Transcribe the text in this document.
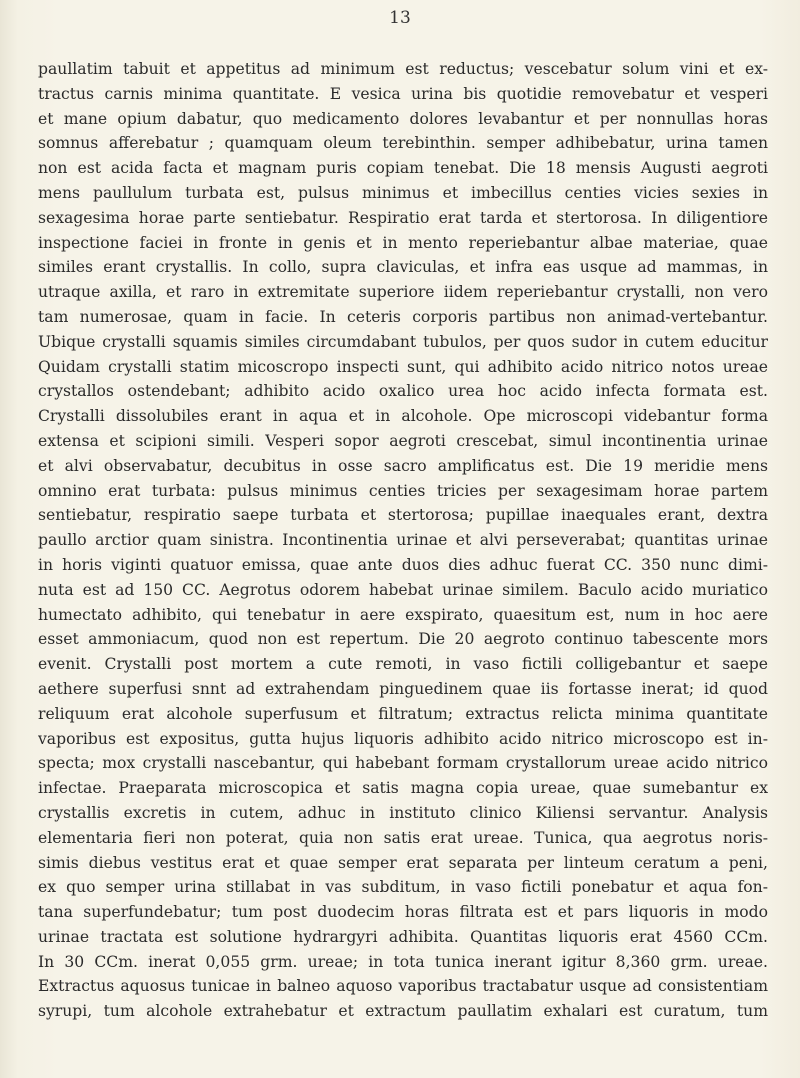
13

paullatim tabuit et appetitus ad minimum est reductus; vescebatur solum vini et ex-
tractus carnis minima quantitate. E vesica urina bis quotidie removebatur et vesperi
et mane opium dabatur, quo medicamento dolores levabantur et per nonnullas horas
somnus afferebatur ; quamquam oleum terebinthin. semper adhibebatur, urina tamen
non est acida facta et magnam puris copiam tenebat. Die 18 mensis Augusti aegroti
mens paullulum turbata est, pulsus minimus et imbecillus centies vicies sexies in
sexagesima horae parte sentiebatur. Respiratio erat tarda et stertorosa. In diligentiore
inspectione faciei in fronte in genis et in mento reperiebantur albae materiae, quae
similes erant crystallis. In collo, supra claviculas, et infra eas usque ad mammas, in
utraque axilla, et raro in extremitate superiore iidem reperiebantur crystalli, non vero
tam numerosae, quam in facie. In ceteris corporis partibus non animad-vertebantur.
Ubique crystalli squamis similes circumdabant tubulos, per quos sudor in cutem educitur
Quidam crystalli statim micoscropo inspecti sunt, qui adhibito acido nitrico notos ureae
crystallos ostendebant; adhibito acido oxalico urea hoc acido infecta formata est.
Crystalli dissolubiles erant in aqua et in alcohole. Ope microscopi videbantur forma
extensa et scipioni simili. Vesperi sopor aegroti crescebat, simul incontinentia urinae
et alvi observabatur, decubitus in osse sacro amplificatus est. Die 19 meridie mens
omnino erat turbata: pulsus minimus centies tricies per sexagesimam horae partem
sentiebatur, respiratio saepe turbata et stertorosa; pupillae inaequales erant, dextra
paullo arctior quam sinistra. Incontinentia urinae et alvi perseverabat; quantitas urinae
in horis viginti quatuor emissa, quae ante duos dies adhuc fuerat CC. 350 nunc dimi-
nuta est ad 150 CC. Aegrotus odorem habebat urinae similem. Baculo acido muriatico
humectato adhibito, qui tenebatur in aere exspirato, quaesitum est, num in hoc aere
esset ammoniacum, quod non est repertum. Die 20 aegroto continuo tabescente mors
evenit. Crystalli post mortem a cute remoti, in vaso fictili colligebantur et saepe
aethere superfusi snnt ad extrahendam pinguedinem quae iis fortasse inerat; id quod
reliquum erat alcohole superfusum et filtratum; extractus relicta minima quantitate
vaporibus est expositus, gutta hujus liquoris adhibito acido nitrico microscopo est in-
specta; mox crystalli nascebantur, qui habebant formam crystallorum ureae acido nitrico
infectae. Praeparata microscopica et satis magna copia ureae, quae sumebantur ex
crystallis excretis in cutem, adhuc in instituto clinico Kiliensi servantur. Analysis
elementaria fieri non poterat, quia non satis erat ureae. Tunica, qua aegrotus noris-
simis diebus vestitus erat et quae semper erat separata per linteum ceratum a peni,
ex quo semper urina stillabat in vas subditum, in vaso fictili ponebatur et aqua fon-
tana superfundebatur; tum post duodecim horas filtrata est et pars liquoris in modo
urinae tractata est solutione hydrargyri adhibita. Quantitas liquoris erat 4560 CCm.
In 30 CCm. inerat 0,055 grm. ureae; in tota tunica inerant igitur 8,360 grm. ureae.
Extractus aquosus tunicae in balneo aquoso vaporibus tractabatur usque ad consistentiam
syrupi, tum alcohole extrahebatur et extractum paullatim exhalari est curatum, tum
